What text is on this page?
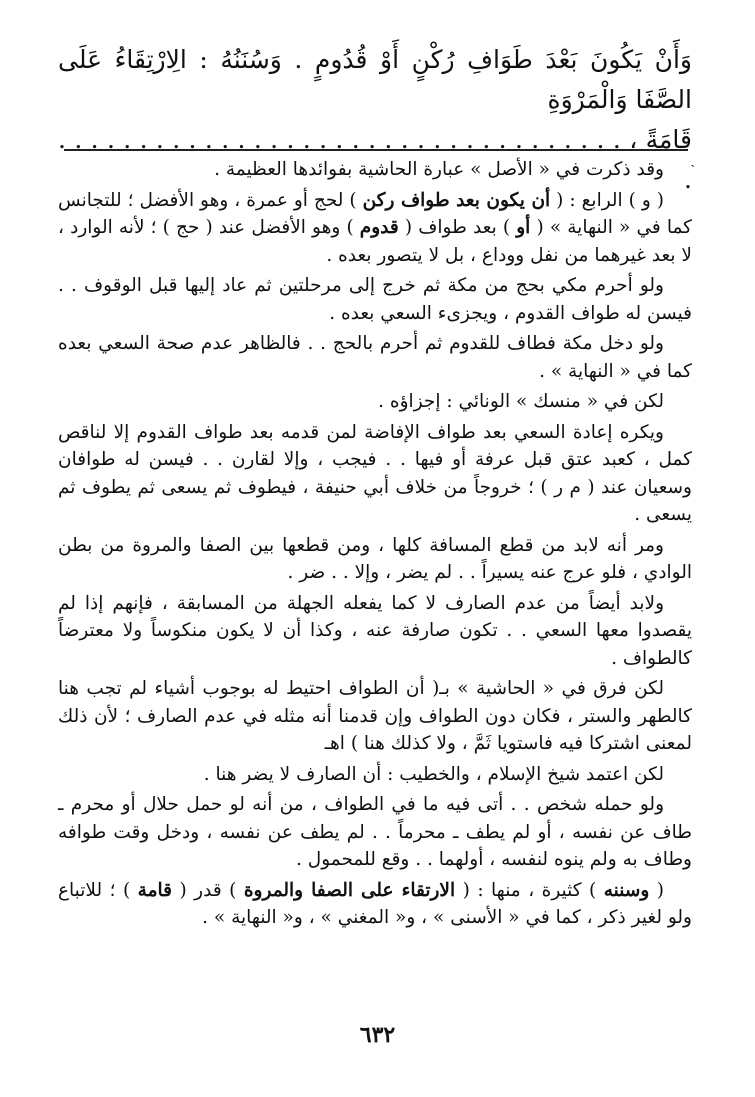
وَأَنْ يَكُونَ بَعْدَ طَوَافِ رُكْنٍ أَوْ قُدُومٍ . وَسُنَنُهُ : الِارْتِقَاءُ عَلَى الصَّفَا وَالْمَرْوَةِ

قَامَةً ، . . . . . . . . . . . . . . . . . . . . . . . . . . . . . . . . . . . .

ˎ

وقد ذكرت في « الأصل » عبارة الحاشية بفوائدها العظيمة .

( و ) الرابع : ( أن يكون بعد طواف ركن ) لحج أو عمرة ، وهو الأفضل ؛ للتجانس كما في « النهاية » ( أو ) بعد طواف ( قدوم ) وهو الأفضل عند ( حج ) ؛ لأنه الوارد ، لا بعد غيرهما من نفل ووداع ، بل لا يتصور بعده .

ولو أحرم مكي بحج من مكة ثم خرج إلى مرحلتين ثم عاد إليها قبل الوقوف . . فيسن له طواف القدوم ، ويجزىء السعي بعده .

ولو دخل مكة فطاف للقدوم ثم أحرم بالحج . . فالظاهر عدم صحة السعي بعده كما في « النهاية » .

لكن في « منسك » الونائي : إجزاؤه .

ويكره إعادة السعي بعد طواف الإفاضة لمن قدمه بعد طواف القدوم إلا لناقص كمل ، كعبد عتق قبل عرفة أو فيها . . فيجب ، وإلا لقارن . . فيسن له طوافان وسعيان عند ( م ر ) ؛ خروجاً من خلاف أبي حنيفة ، فيطوف ثم يسعى ثم يطوف ثم يسعى .

ومر أنه لابد من قطع المسافة كلها ، ومن قطعها بين الصفا والمروة من بطن الوادي ، فلو عرج عنه يسيراً . . لم يضر ، وإلا . . ضر .

ولابد أيضاً من عدم الصارف لا كما يفعله الجهلة من المسابقة ، فإنهم إذا لم يقصدوا معها السعي . . تكون صارفة عنه ، وكذا أن لا يكون منكوساً ولا معترضاً كالطواف .

لكن فرق في « الحاشية » بـ( أن الطواف احتيط له بوجوب أشياء لم تجب هنا كالطهر والستر ، فكان دون الطواف وإن قدمنا أنه مثله في عدم الصارف ؛ لأن ذلك لمعنى اشتركا فيه فاستويا ثَمَّ ، ولا كذلك هنا ) اهـ

لكن اعتمد شيخ الإسلام ، والخطيب : أن الصارف لا يضر هنا .

ولو حمله شخص . . أتى فيه ما في الطواف ، من أنه لو حمل حلال أو محرم ـ طاف عن نفسه ، أو لم يطف ـ محرماً . . لم يطف عن نفسه ، ودخل وقت طوافه وطاف به ولم ينوه لنفسه ، أولهما . . وقع للمحمول .

( وسننه ) كثيرة ، منها : ( الارتقاء على الصفا والمروة ) قدر ( قامة ) ؛ للاتباع ولو لغير ذكر ، كما في « الأسنى » ، و« المغني » ، و« النهاية » .

٦٣٢
